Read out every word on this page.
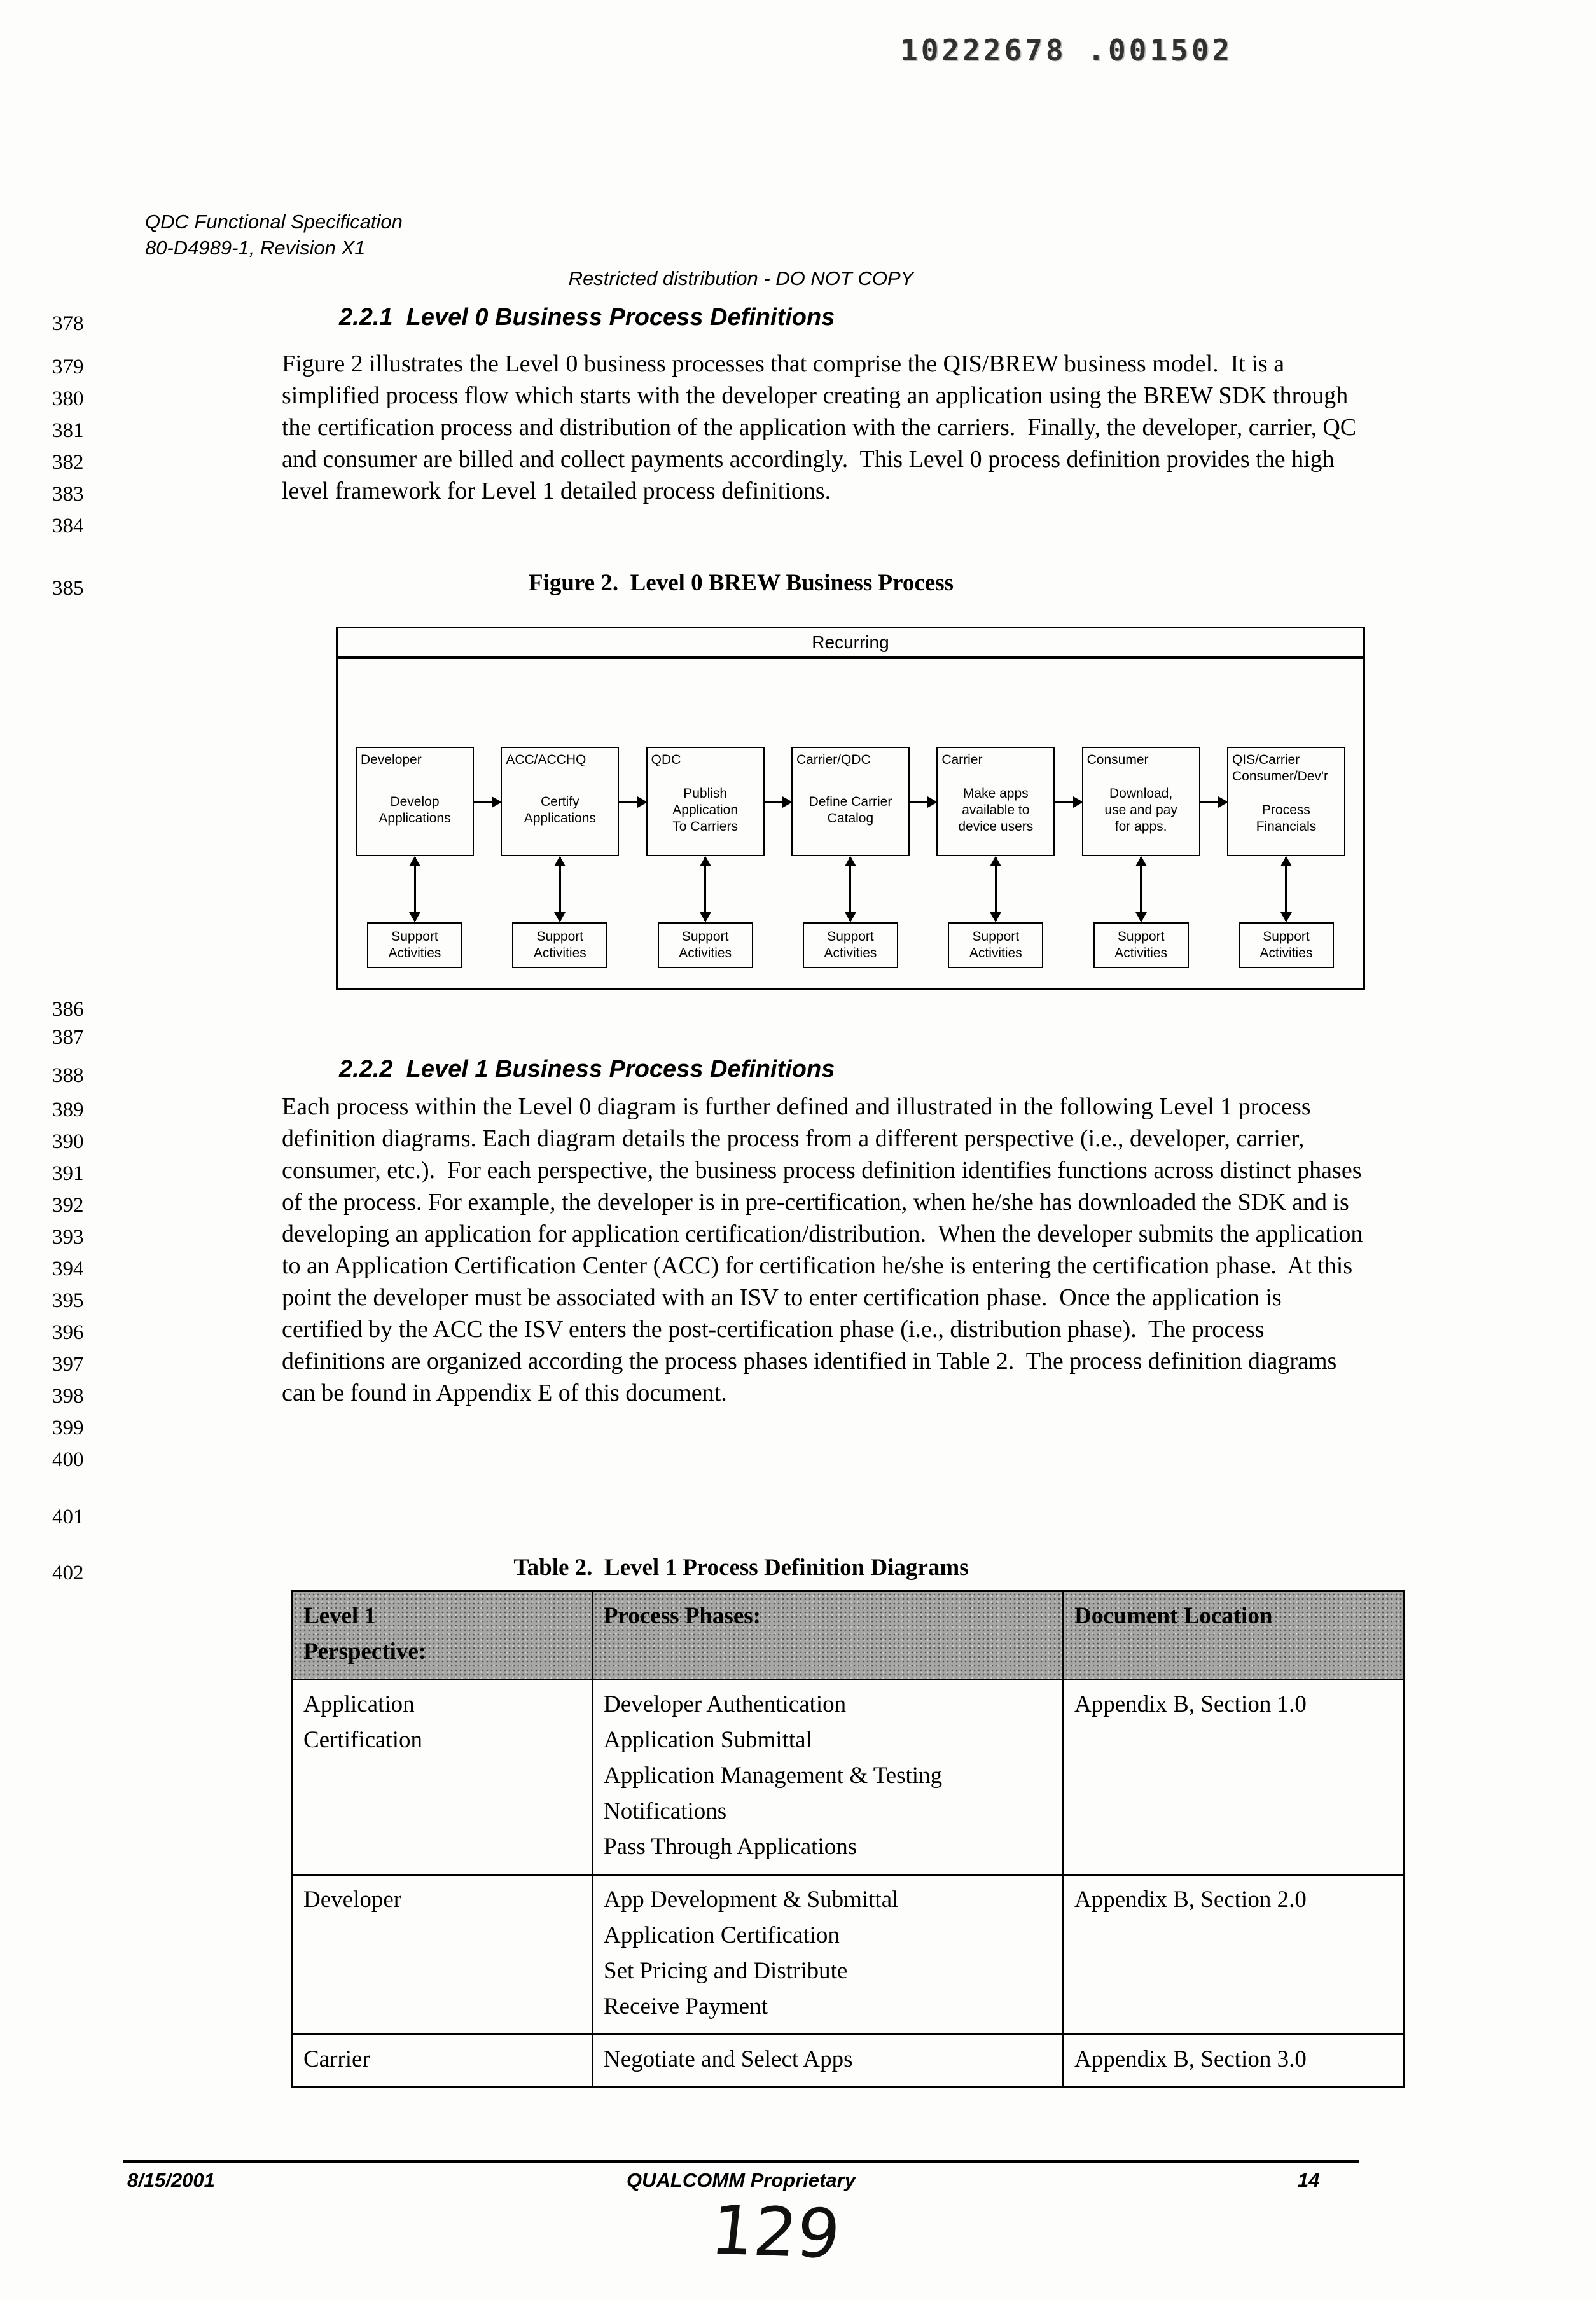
10222678 .001502
QDC Functional Specification
80-D4989-1, Revision X1
Restricted distribution - DO NOT COPY
378
379
380
381
382
383
384
385
386
387
388
389
390
391
392
393
394
395
396
397
398
399
400
401
402
2.2.1  Level 0 Business Process Definitions

Figure 2 illustrates the Level 0 business processes that comprise the QIS/BREW business model.  It is a simplified process flow which starts with the developer creating an application using the BREW SDK through the certification process and distribution of the application with the carriers.  Finally, the developer, carrier, QC and consumer are billed and collect payments accordingly.  This Level 0 process definition provides the high level framework for Level 1 detailed process definitions.

Figure 2.  Level 0 BREW Business Process
Recurring
Developer
Develop
Applications
Support
Activities
ACC/ACCHQ
Certify
Applications
Support
Activities
QDC
Publish
Application
To Carriers
Support
Activities
Carrier/QDC
Define Carrier
Catalog
Support
Activities
Carrier
Make apps
available to
device users
Support
Activities
Consumer
Download,
use and pay
for apps.
Support
Activities
QIS/Carrier
Consumer/Dev'r
Process
Financials
Support
Activities
2.2.2  Level 1 Business Process Definitions

Each process within the Level 0 diagram is further defined and illustrated in the following Level 1 process definition diagrams. Each diagram details the process from a different perspective (i.e., developer, carrier, consumer, etc.).  For each perspective, the business process definition identifies functions across distinct phases of the process. For example, the developer is in pre-certification, when he/she has downloaded the SDK and is developing an application for application certification/distribution.  When the developer submits the application to an Application Certification Center (ACC) for certification he/she is entering the certification phase.  At this point the developer must be associated with an ISV to enter certification phase.  Once the application is certified by the ACC the ISV enters the post-certification phase (i.e., distribution phase).  The process definitions are organized according the process phases identified in Table 2.  The process definition diagrams can be found in Appendix E of this document.

Table 2.  Level 1 Process Definition Diagrams
Level 1
Perspective:	Process Phases:	Document Location
Application
Certification	Developer Authentication
Application Submittal
Application Management & Testing
Notifications
Pass Through Applications	Appendix B, Section 1.0
Developer	App Development & Submittal
Application Certification
Set Pricing and Distribute
Receive Payment	Appendix B, Section 2.0
Carrier	Negotiate and Select Apps	Appendix B, Section 3.0
8/15/2001	QUALCOMM Proprietary	14
129
